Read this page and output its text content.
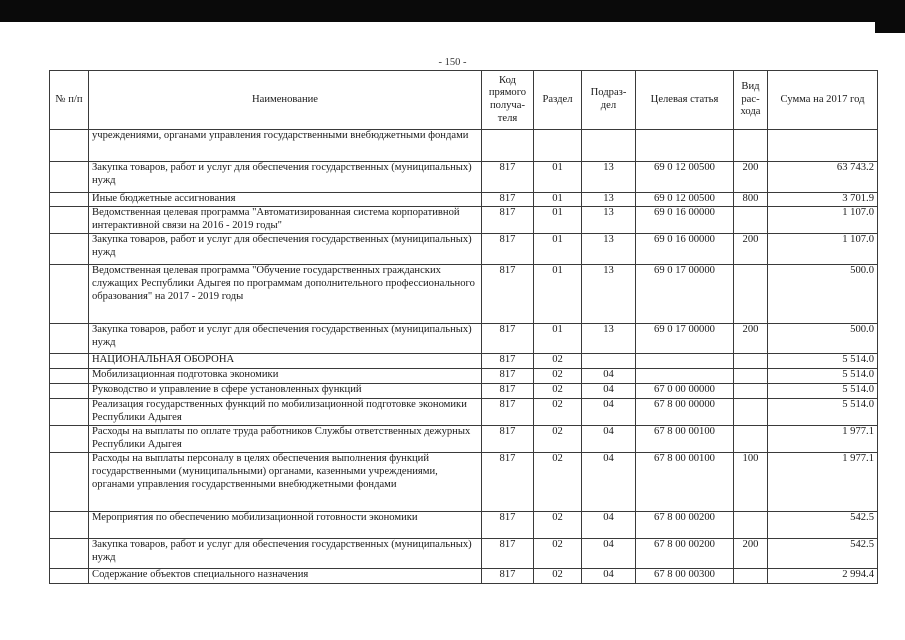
- 150 -
№ п/п	Наименование	Код прямого получа-теля	Раздел	Подраз-дел	Целевая статья	Вид рас-хода	Сумма на 2017 год
	учреждениями, органами управления государственными внебюджетными фондами						
	Закупка товаров, работ и услуг для обеспечения государственных (муниципальных) нужд	817	01	13	69 0 12 00500	200	63 743.2
	Иные бюджетные ассигнования	817	01	13	69 0 12 00500	800	3 701.9
	Ведомственная целевая программа "Автоматизированная система корпоративной интерактивной связи на 2016 - 2019 годы"	817	01	13	69 0 16 00000		1 107.0
	Закупка товаров, работ и услуг для обеспечения государственных (муниципальных) нужд	817	01	13	69 0 16 00000	200	1 107.0
	Ведомственная целевая программа "Обучение государственных гражданских служащих Республики Адыгея по программам дополнительного профессионального образования" на 2017 - 2019 годы	817	01	13	69 0 17 00000		500.0
	Закупка товаров, работ и услуг для обеспечения государственных (муниципальных) нужд	817	01	13	69 0 17 00000	200	500.0
	НАЦИОНАЛЬНАЯ ОБОРОНА	817	02				5 514.0
	Мобилизационная подготовка экономики	817	02	04			5 514.0
	Руководство и управление в сфере установленных функций	817	02	04	67 0 00 00000		5 514.0
	Реализация государственных функций по мобилизационной подготовке экономики Республики Адыгея	817	02	04	67 8 00 00000		5 514.0
	Расходы на выплаты по оплате труда работников Службы ответственных дежурных Республики Адыгея	817	02	04	67 8 00 00100		1 977.1
	Расходы на выплаты персоналу в целях обеспечения выполнения функций государственными (муниципальными) органами, казенными учреждениями, органами управления государственными внебюджетными фондами	817	02	04	67 8 00 00100	100	1 977.1
	Мероприятия по обеспечению мобилизационной готовности экономики	817	02	04	67 8 00 00200		542.5
	Закупка товаров, работ и услуг для обеспечения государственных (муниципальных) нужд	817	02	04	67 8 00 00200	200	542.5
	Содержание объектов специального назначения	817	02	04	67 8 00 00300		2 994.4
